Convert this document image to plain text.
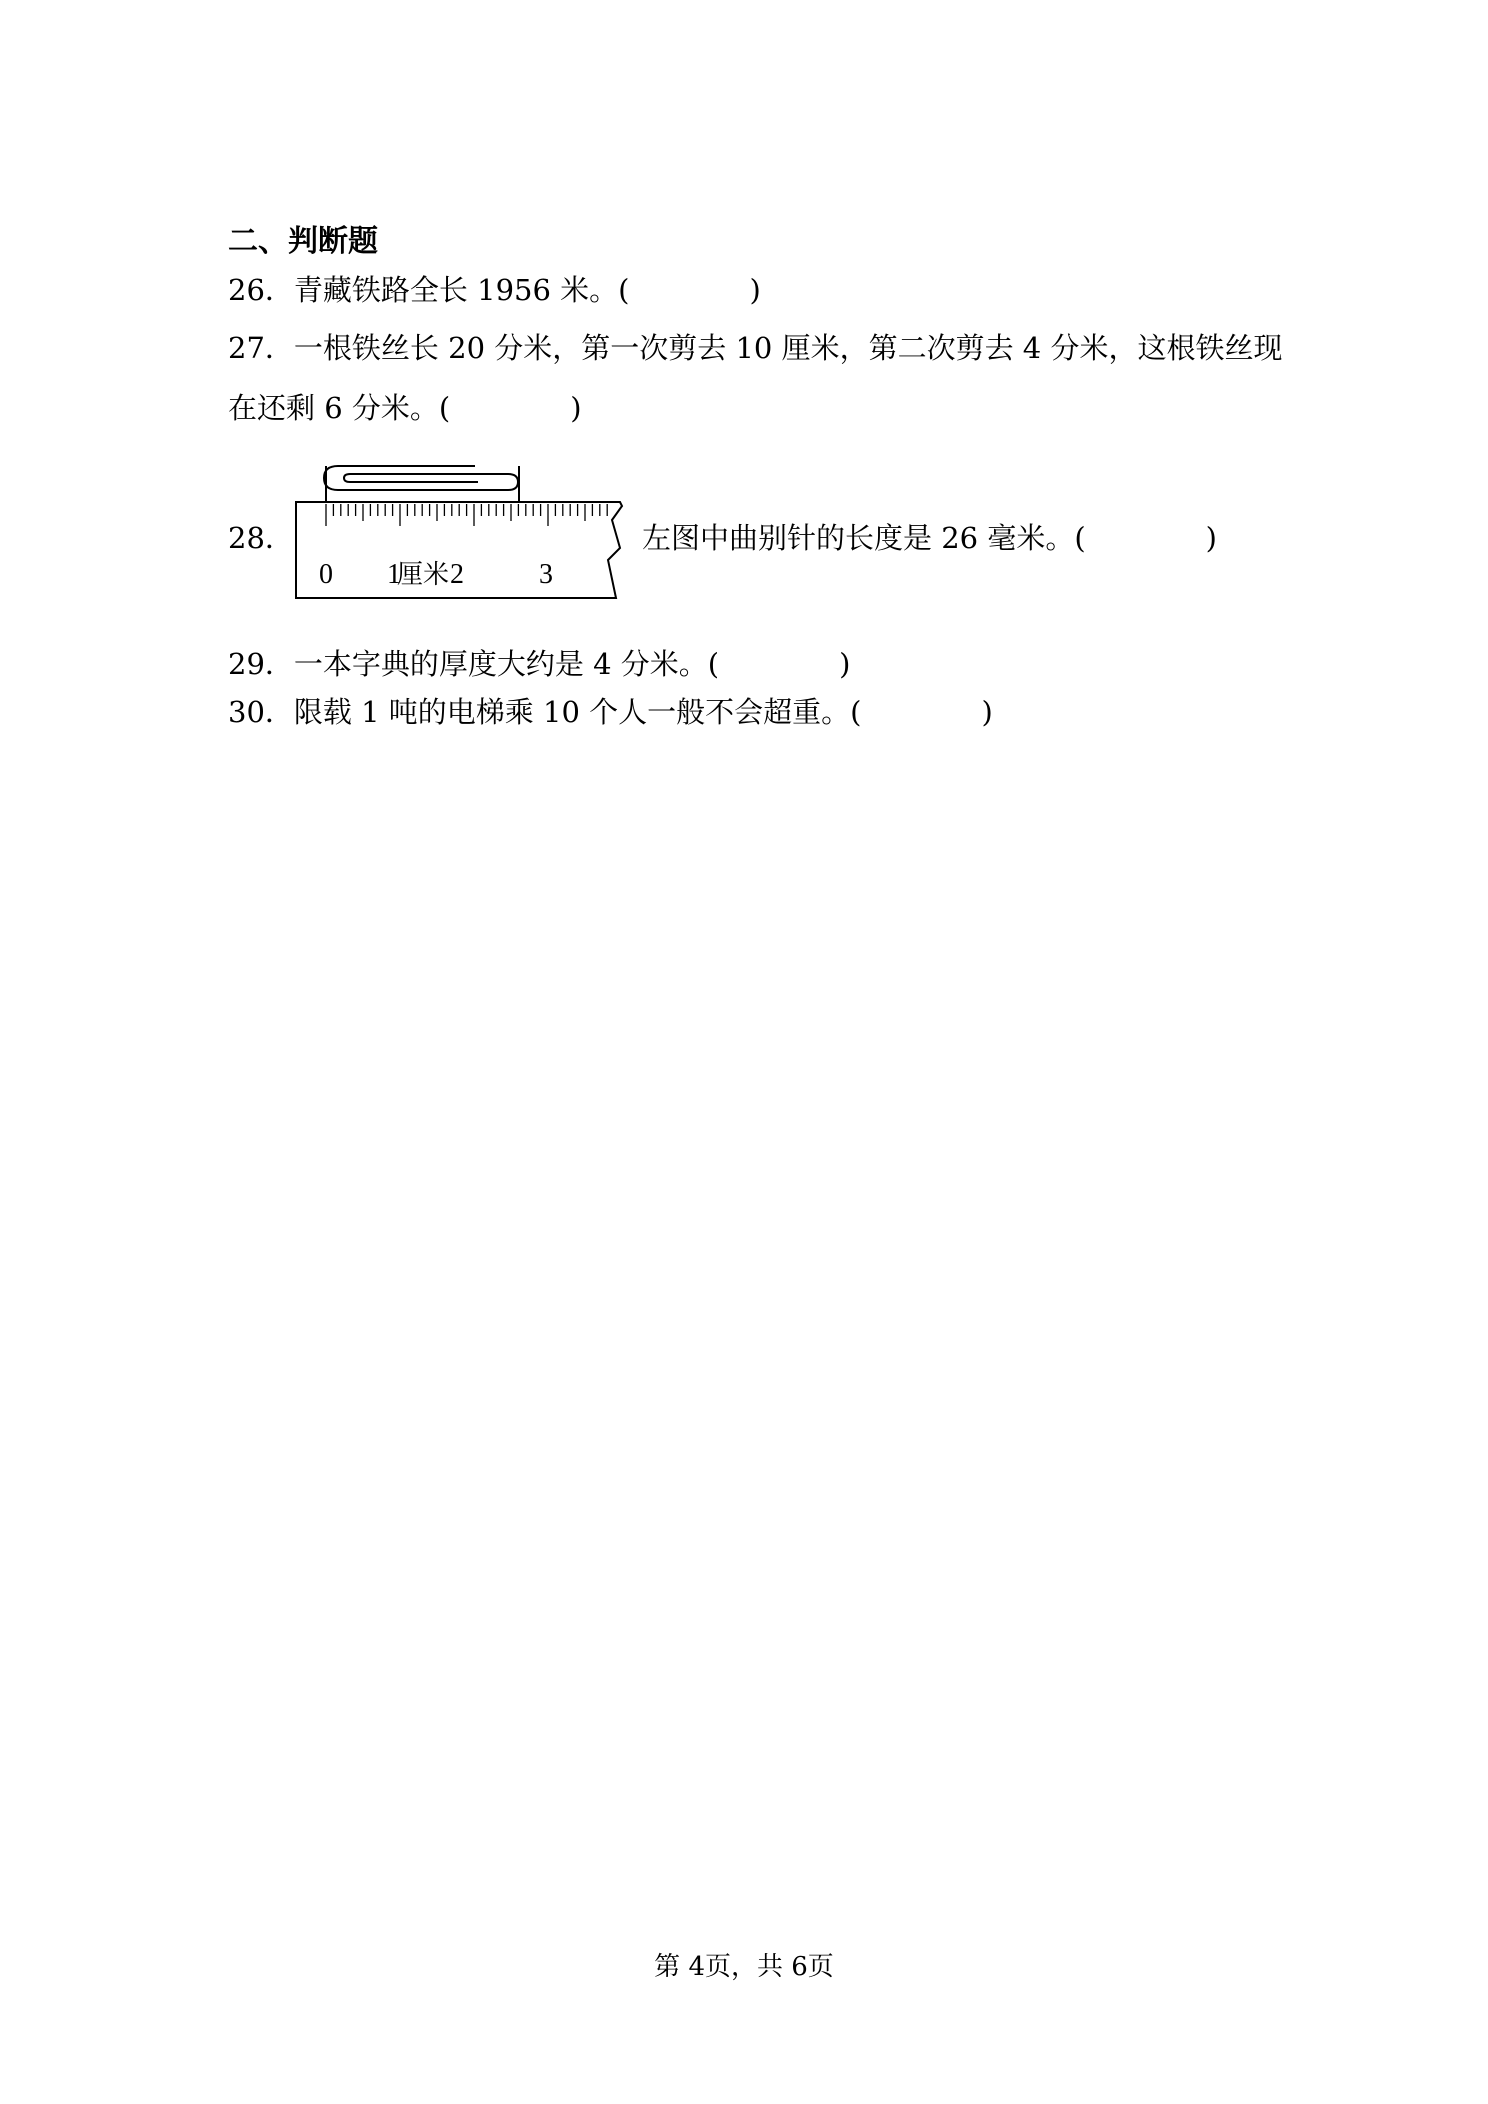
二、判断题
26．青藏铁路全长 1956 米。(	)
27．一根铁丝长 20 分米，第一次剪去 10 厘米，第二次剪去 4 分米，这根铁丝现
在还剩 6 分米。(	)
28．
0 1
厘米 2	3
左图中曲别针的长度是 26 毫米。(	)
29．一本字典的厚度大约是 4 分米。(	)
30．限载 1 吨的电梯乘 10 个人一般不会超重。(	)
第 4页，共 6页
